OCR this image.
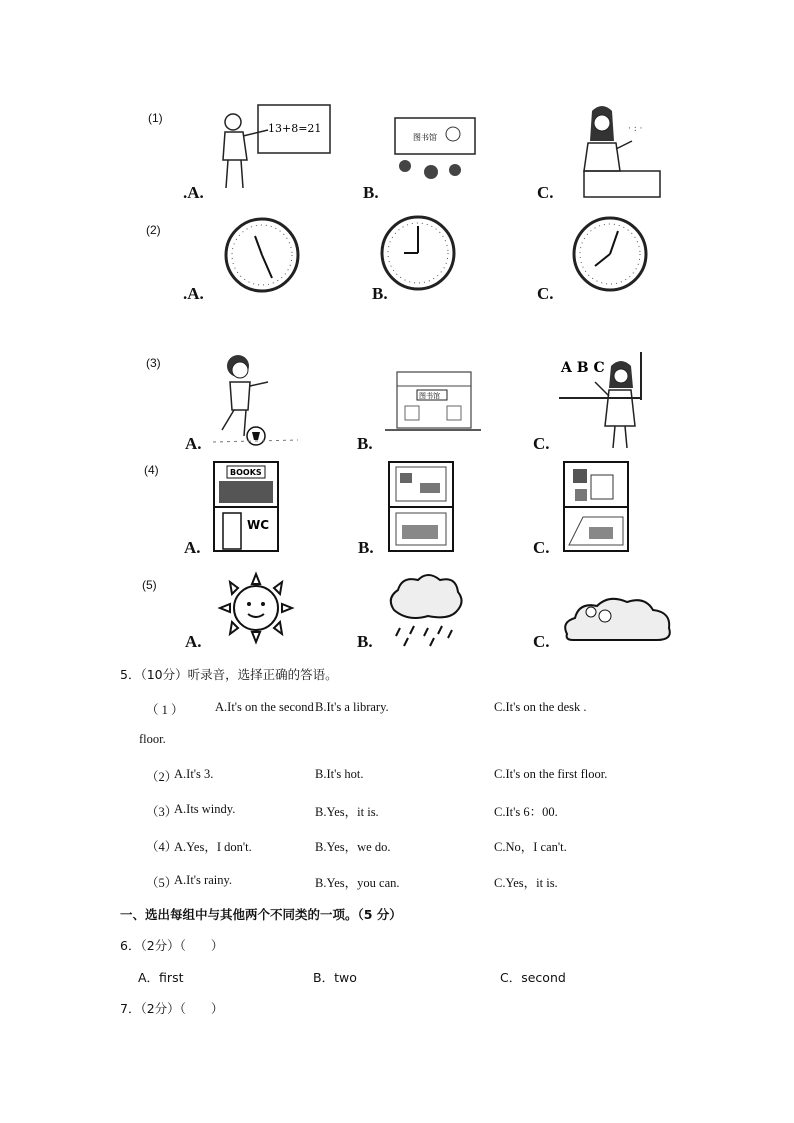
(1)
13+8=21
.A.
图书馆
B.
· : ·
C.
(2)
.A.	B.	C.
(3)
A.
图书馆
B.
A B C
C.
(4)	BOOKS
WC
A.	B.	C.
(5)
A.	B.	C.
5．（10分）听录音，选择正确的答语。
（ 1 ）	A.It's on the second B.It's a library.	C.It's on the desk .
floor.
（2）
A.It's 3.	B.It's hot.	C.It's on the first floor.
（3）
A.Its windy.	B.Yes，it is.	C.It's 6：00.
（4）
A.Yes，I don't.	B.Yes，we do.	C.No，I can't.
（5）
A.It's rainy.	B.Yes，you can.	C.Yes，it is.
一、选出每组中与其他两个不同类的一项。（5 分）
6．（2分）（　　）
A．first	B．two	C．second
7．（2分）（　　）
